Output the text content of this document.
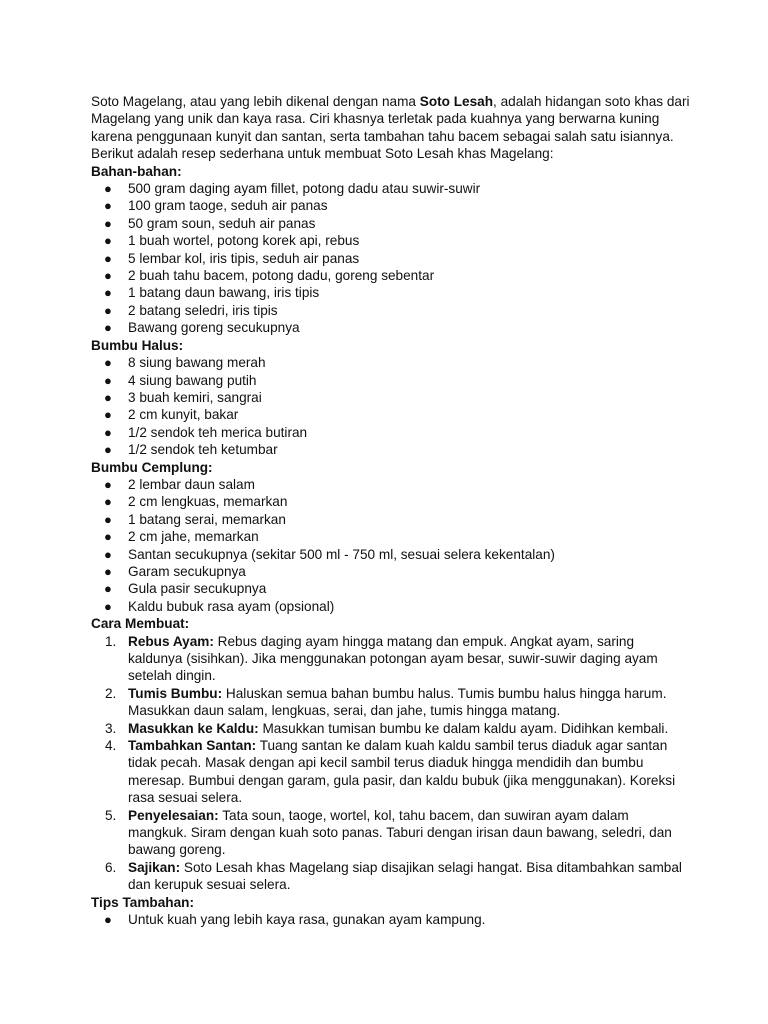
Soto Magelang, atau yang lebih dikenal dengan nama Soto Lesah, adalah hidangan soto khas dari Magelang yang unik dan kaya rasa. Ciri khasnya terletak pada kuahnya yang berwarna kuning karena penggunaan kunyit dan santan, serta tambahan tahu bacem sebagai salah satu isiannya. Berikut adalah resep sederhana untuk membuat Soto Lesah khas Magelang:

Bahan-bahan:

● 500 gram daging ayam fillet, potong dadu atau suwir-suwir
● 100 gram taoge, seduh air panas
● 50 gram soun, seduh air panas
● 1 buah wortel, potong korek api, rebus
● 5 lembar kol, iris tipis, seduh air panas
● 2 buah tahu bacem, potong dadu, goreng sebentar
● 1 batang daun bawang, iris tipis
● 2 batang seledri, iris tipis
● Bawang goreng secukupnya

Bumbu Halus:

● 8 siung bawang merah
● 4 siung bawang putih
● 3 buah kemiri, sangrai
● 2 cm kunyit, bakar
● 1/2 sendok teh merica butiran
● 1/2 sendok teh ketumbar

Bumbu Cemplung:

● 2 lembar daun salam
● 2 cm lengkuas, memarkan
● 1 batang serai, memarkan
● 2 cm jahe, memarkan
● Santan secukupnya (sekitar 500 ml - 750 ml, sesuai selera kekentalan)
● Garam secukupnya
● Gula pasir secukupnya
● Kaldu bubuk rasa ayam (opsional)

Cara Membuat:

1. Rebus Ayam: Rebus daging ayam hingga matang dan empuk. Angkat ayam, saring kaldunya (sisihkan). Jika menggunakan potongan ayam besar, suwir-suwir daging ayam setelah dingin.
2. Tumis Bumbu: Haluskan semua bahan bumbu halus. Tumis bumbu halus hingga harum. Masukkan daun salam, lengkuas, serai, dan jahe, tumis hingga matang.
3. Masukkan ke Kaldu: Masukkan tumisan bumbu ke dalam kaldu ayam. Didihkan kembali.
4. Tambahkan Santan: Tuang santan ke dalam kuah kaldu sambil terus diaduk agar santan tidak pecah. Masak dengan api kecil sambil terus diaduk hingga mendidih dan bumbu meresap. Bumbui dengan garam, gula pasir, dan kaldu bubuk (jika menggunakan). Koreksi rasa sesuai selera.
5. Penyelesaian: Tata soun, taoge, wortel, kol, tahu bacem, dan suwiran ayam dalam mangkuk. Siram dengan kuah soto panas. Taburi dengan irisan daun bawang, seledri, dan bawang goreng.
6. Sajikan: Soto Lesah khas Magelang siap disajikan selagi hangat. Bisa ditambahkan sambal dan kerupuk sesuai selera.

Tips Tambahan:

● Untuk kuah yang lebih kaya rasa, gunakan ayam kampung.
